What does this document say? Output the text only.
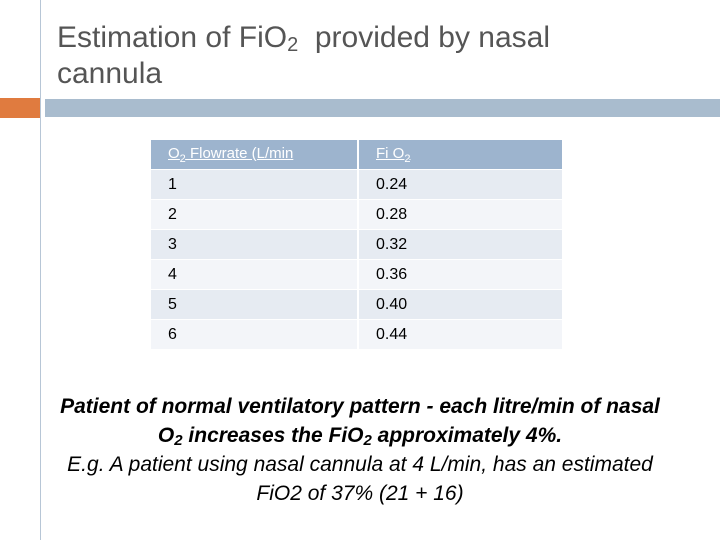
Estimation of FiO$_2$ provided by nasal
cannula
$O_2$ Flowrate (L/min	Fi $O_2$
1	0.24
2	0.28
3	0.32
4	0.36
5	0.40
6	0.44
Patient of normal ventilatory pattern - each litre/min of nasal $O_2$ increases the FiO$_2$ approximately 4%.
E.g. A patient using nasal cannula at 4 L/min, has an estimated FiO2 of 37% (21 + 16)
